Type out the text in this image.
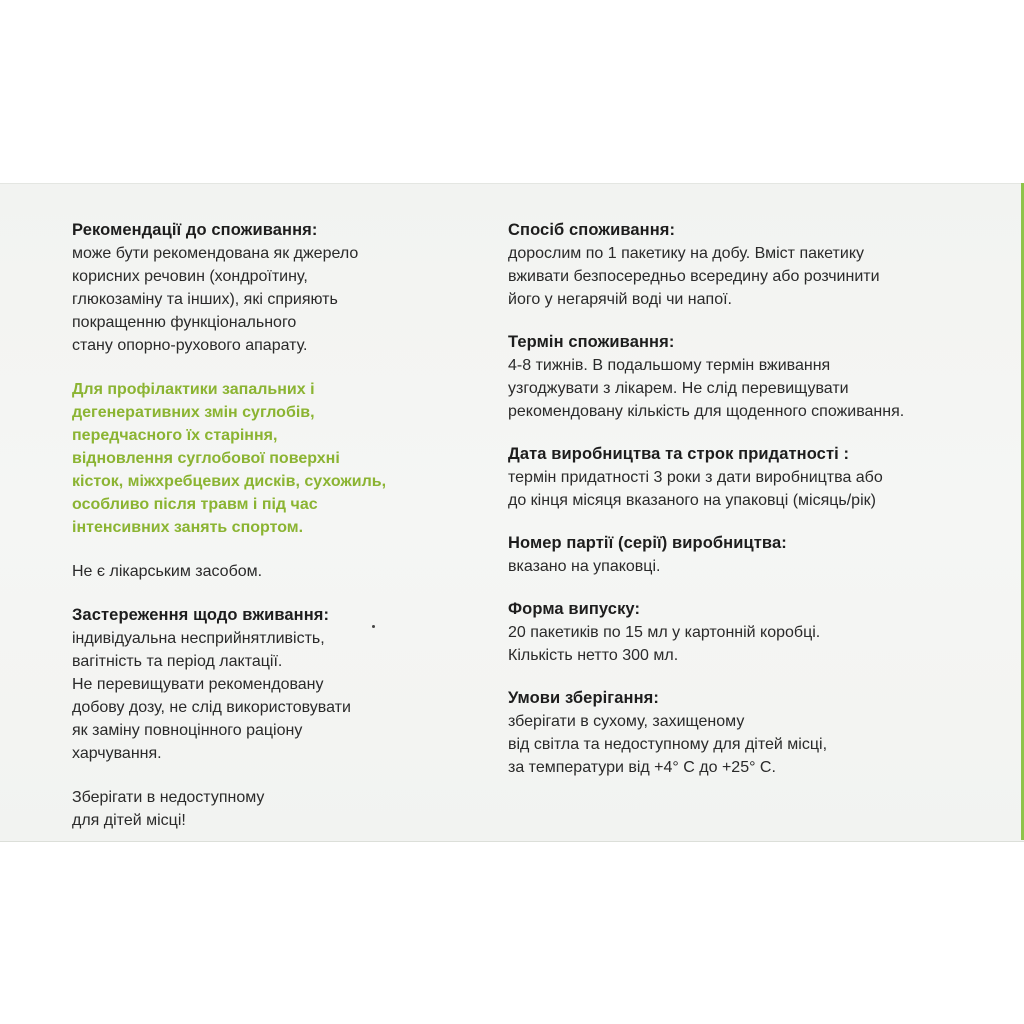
Рекомендації до споживання:

може бути рекомендована як джерело
корисних речовин (хондроїтину,
глюкозаміну та інших), які сприяють
покращенню функціонального
стану опорно-рухового апарату.

Для профілактики запальних і
дегенеративних змін суглобів,
передчасного їх старіння,
відновлення суглобової поверхні
кісток, міжхребцевих дисків, сухожиль,
особливо після травм і під час
інтенсивних занять спортом.

Не є лікарським засобом.

Застереження щодо вживання:

індивідуальна несприйнятливість,
вагітність та період лактації.
Не перевищувати рекомендовану
добову дозу, не слід використовувати
як заміну повноцінного раціону
харчування.

Зберігати в недоступному
для дітей місці!

Спосіб споживання:

дорослим по 1 пакетику на добу. Вміст пакетику
вживати безпосередньо всередину або розчинити
його у негарячій воді чи напої.

Термін споживання:

4-8 тижнів. В подальшому термін вживання
узгоджувати з лікарем. Не слід перевищувати
рекомендовану кількість для щоденного споживання.

Дата виробництва та строк придатності :

термін придатності 3 роки з дати виробництва або
до кінця місяця вказаного на упаковці (місяць/рік)

Номер партії (серії) виробництва:

вказано на упаковці.

Форма випуску:

20 пакетиків по 15 мл у картонній коробці.
Кількість нетто 300 мл.

Умови зберігання:

зберігати в сухому, захищеному
від світла та недоступному для дітей місці,
за температури від +4° С до +25° С.
